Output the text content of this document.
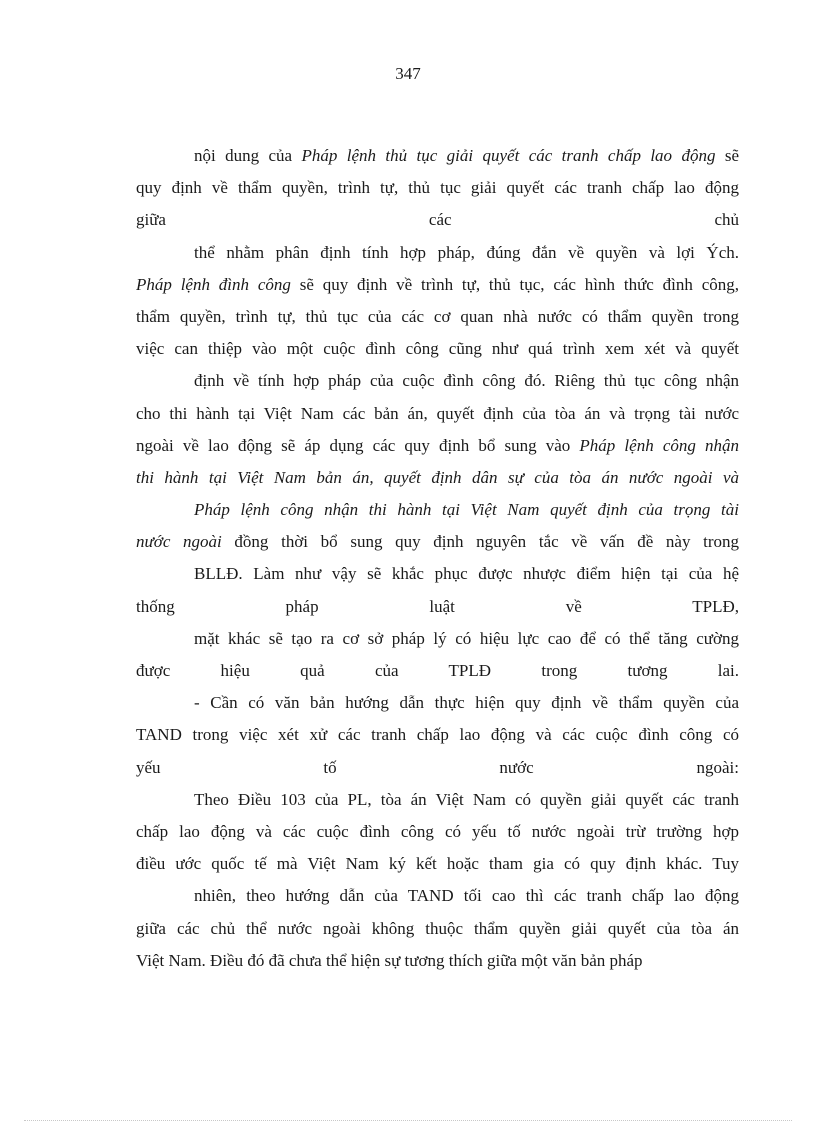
347
nội dung của Pháp lệnh thủ tục giải quyết các tranh chấp lao động sẽ
quy định về thẩm quyền, trình tự, thủ tục giải quyết các tranh chấp lao động
giữa các chủ
thể nhằm phân định tính hợp pháp, đúng đắn về quyền và lợi Ých.
Pháp lệnh đình công sẽ quy định về trình tự, thủ tục, các hình thức đình công,
thẩm quyền, trình tự, thủ tục của các cơ quan nhà nước có thẩm quyền trong
việc can thiệp vào một cuộc đình công cũng như quá trình xem xét và quyết
định về tính hợp pháp của cuộc đình công đó. Riêng thủ tục công nhận
cho thi hành tại Việt Nam các bản án, quyết định của tòa án và trọng tài nước
ngoài về lao động sẽ áp dụng các quy định bổ sung vào Pháp lệnh công nhận
thi hành tại Việt Nam bản án, quyết định dân sự của tòa án nước ngoài và
Pháp lệnh công nhận thi hành tại Việt Nam quyết định của trọng tài
nước ngoài đồng thời bổ sung quy định nguyên tắc về vấn đề này trong
BLLĐ. Làm như vậy sẽ khắc phục được nhược điểm hiện tại của hệ
thống pháp luật về TPLĐ,
mặt khác sẽ tạo ra cơ sở pháp lý có hiệu lực cao để có thể tăng cường
được hiệu quả của TPLĐ trong tương lai.
- Cần có văn bản hướng dẫn thực hiện quy định về thẩm quyền của
TAND trong việc xét xử các tranh chấp lao động và các cuộc đình công có
yếu tố nước ngoài:
Theo Điều 103 của PL, tòa án Việt Nam có quyền giải quyết các tranh
chấp lao động và các cuộc đình công có yếu tố nước ngoài trừ trường hợp
điều ước quốc tế mà Việt Nam ký kết hoặc tham gia có quy định khác. Tuy
nhiên, theo hướng dẫn của TAND tối cao thì các tranh chấp lao động
giữa các chủ thể nước ngoài không thuộc thẩm quyền giải quyết của tòa án
Việt Nam. Điều đó đã chưa thể hiện sự tương thích giữa một văn bản pháp
